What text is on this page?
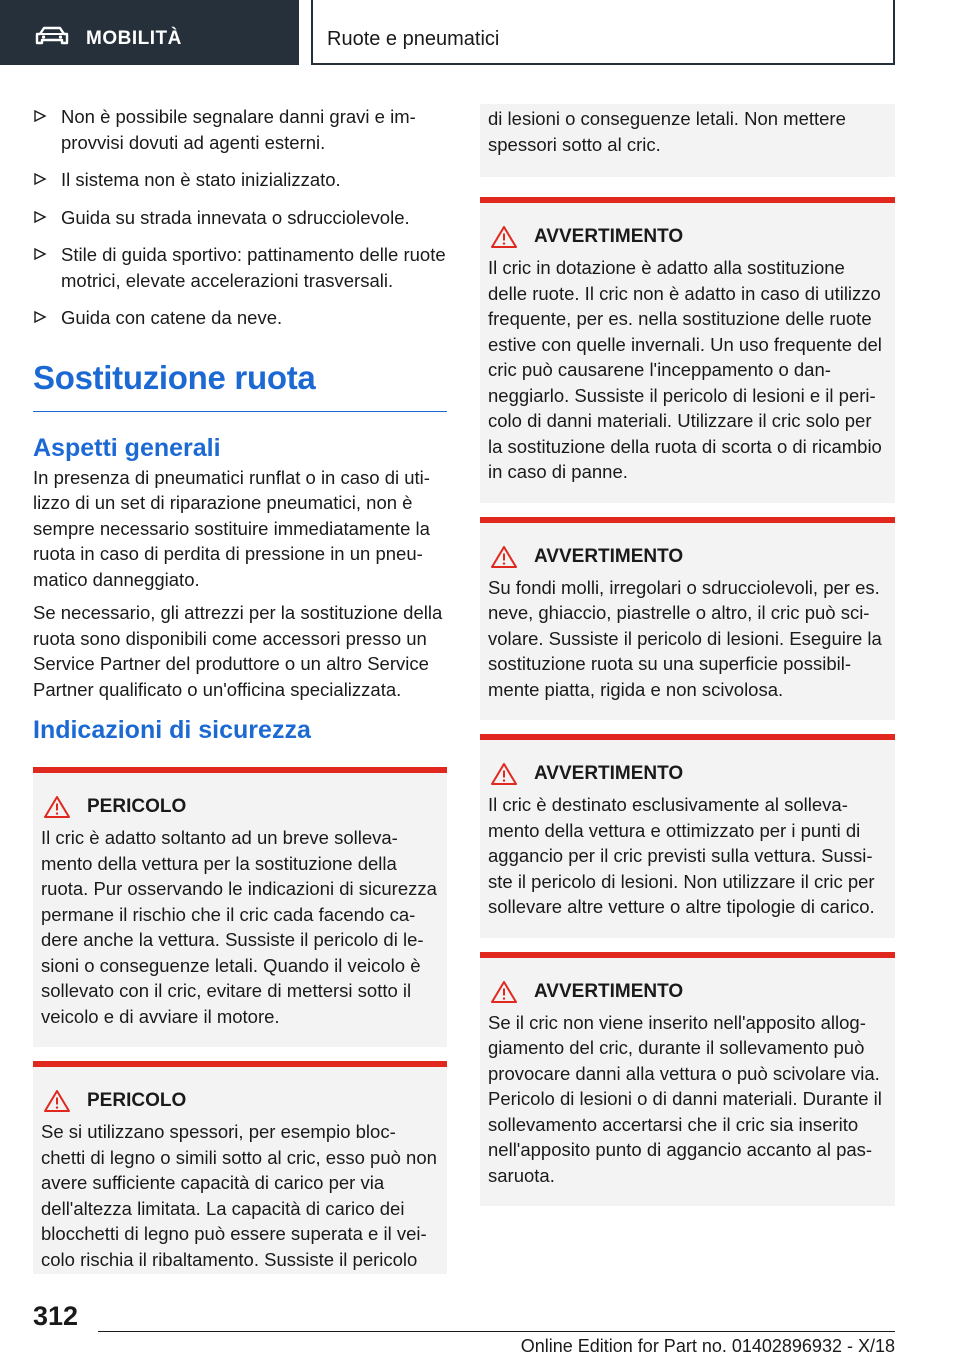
MOBILITÀ	Ruote e pneumatici
Non è possibile segnalare danni gravi e im‐provvisi dovuti ad agenti esterni.
Il sistema non è stato inizializzato.
Guida su strada innevata o sdrucciolevole.
Stile di guida sportivo: pattinamento delle ruote motrici, elevate accelerazioni trasversali.
Guida con catene da neve.
Sostituzione ruota
Aspetti generali

In presenza di pneumatici runflat o in caso di uti‐lizzo di un set di riparazione pneumatici, non è sempre necessario sostituire immediatamente la ruota in caso di perdita di pressione in un pneu‐matico danneggiato.

Se necessario, gli attrezzi per la sostituzione della ruota sono disponibili come accessori presso un Service Partner del produttore o un altro Service Partner qualificato o un'officina specializzata.

Indicazioni di sicurezza
PERICOLO

Il cric è adatto soltanto ad un breve solleva‐mento della vettura per la sostituzione della ruota. Pur osservando le indicazioni di sicurezza permane il rischio che il cric cada facendo ca‐dere anche la vettura. Sussiste il pericolo di le‐sioni o conseguenze letali. Quando il veicolo è sollevato con il cric, evitare di mettersi sotto il veicolo e di avviare il motore.

PERICOLO

Se si utilizzano spessori, per esempio bloc‐chetti di legno o simili sotto al cric, esso può non avere sufficiente capacità di carico per via dell'altezza limitata. La capacità di carico dei blocchetti di legno può essere superata e il vei‐colo rischia il ribaltamento. Sussiste il pericolo

di lesioni o conseguenze letali. Non mettere spessori sotto al cric.

AVVERTIMENTO

Il cric in dotazione è adatto alla sostituzione delle ruote. Il cric non è adatto in caso di utilizzo frequente, per es. nella sostituzione delle ruote estive con quelle invernali. Un uso frequente del cric può causarene l'inceppamento o dan‐neggiarlo. Sussiste il pericolo di lesioni e il peri‐colo di danni materiali. Utilizzare il cric solo per la sostituzione della ruota di scorta o di ricambio in caso di panne.

AVVERTIMENTO

Su fondi molli, irregolari o sdrucciolevoli, per es. neve, ghiaccio, piastrelle o altro, il cric può sci‐volare. Sussiste il pericolo di lesioni. Eseguire la sostituzione ruota su una superficie possibil‐mente piatta, rigida e non scivolosa.

AVVERTIMENTO

Il cric è destinato esclusivamente al solleva‐mento della vettura e ottimizzato per i punti di aggancio per il cric previsti sulla vettura. Sussi‐ste il pericolo di lesioni. Non utilizzare il cric per sollevare altre vetture o altre tipologie di carico.

AVVERTIMENTO

Se il cric non viene inserito nell'apposito allog‐giamento del cric, durante il sollevamento può provocare danni alla vettura o può scivolare via. Pericolo di lesioni o di danni materiali. Durante il sollevamento accertarsi che il cric sia inserito nell'apposito punto di aggancio accanto al pas‐saruota.

312
Online Edition for Part no. 01402896932 - X/18
